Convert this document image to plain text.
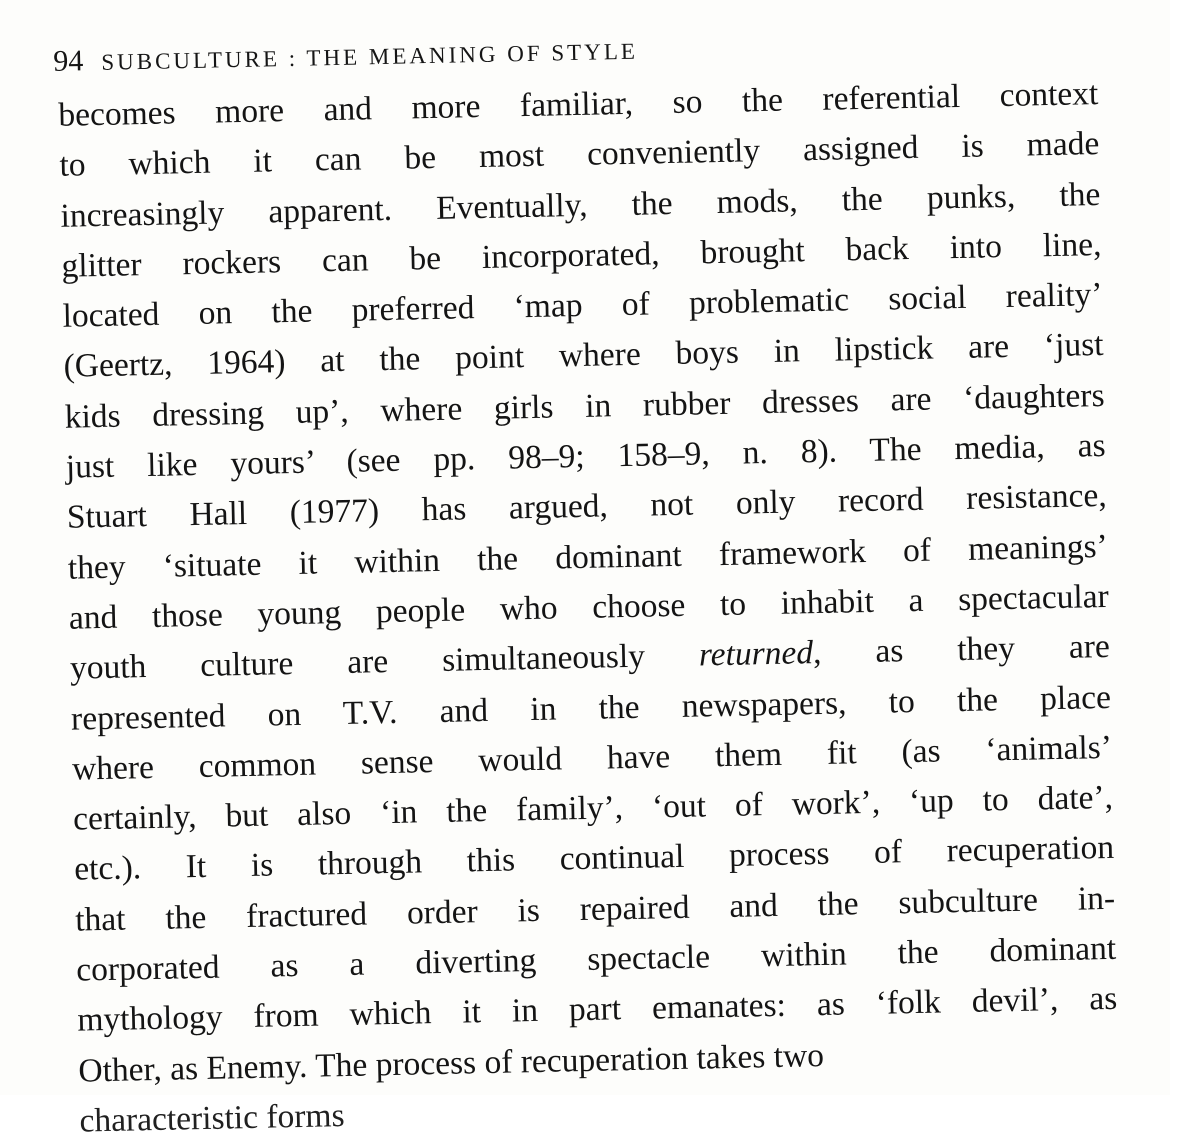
94 SUBCULTURE : THE MEANING OF STYLE
becomes more and more familiar, so the referential context
to which it can be most conveniently assigned is made
increasingly apparent. Eventually, the mods, the punks, the
glitter rockers can be incorporated, brought back into line,
located on the preferred ‘map of problematic social reality’
(Geertz, 1964) at the point where boys in lipstick are ‘just
kids dressing up’, where girls in rubber dresses are ‘daughters
just like yours’ (see pp. 98–9; 158–9, n. 8). The media, as
Stuart Hall (1977) has argued, not only record resistance,
they ‘situate it within the dominant framework of meanings’
and those young people who choose to inhabit a spectacular
youth culture are simultaneously returned, as they are
represented on T.V. and in the newspapers, to the place
where common sense would have them fit (as ‘animals’
certainly, but also ‘in the family’, ‘out of work’, ‘up to date’,
etc.). It is through this continual process of recuperation
that the fractured order is repaired and the subculture in-
corporated as a diverting spectacle within the dominant
mythology from which it in part emanates: as ‘folk devil’, as
Other, as Enemy. The process of recuperation takes two
characteristic forms
